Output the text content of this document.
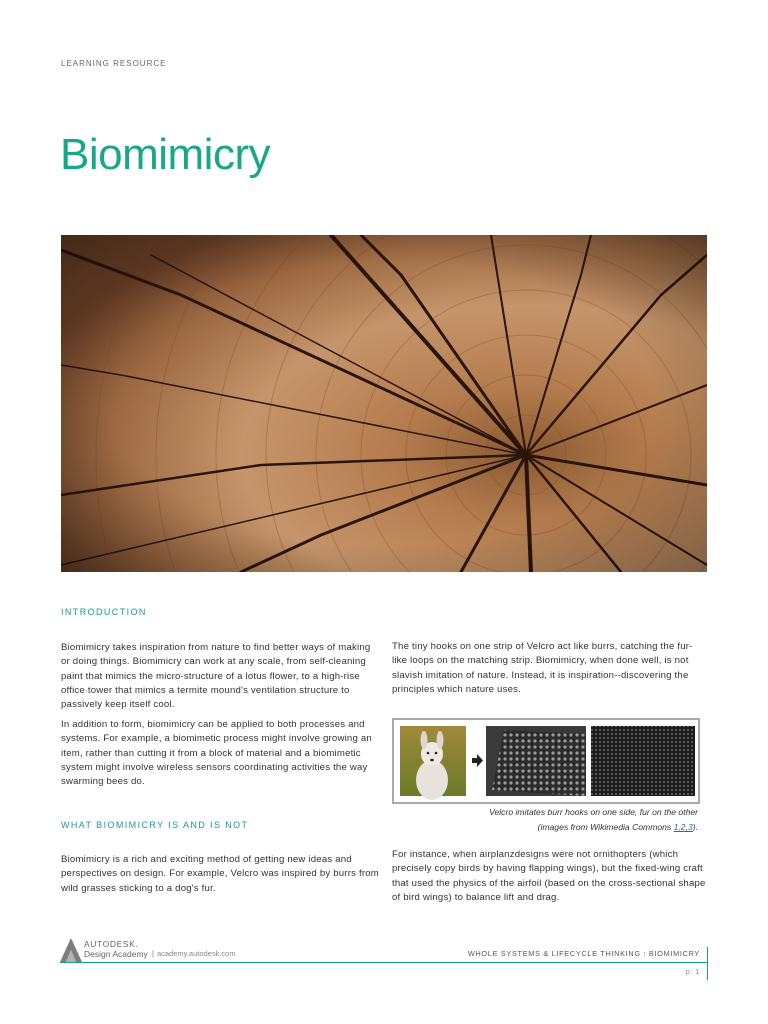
LEARNING RESOURCE
Biomimicry
INTRODUCTION
Biomimicry takes inspiration from nature to find better ways of making or doing things. Biomimicry can work at any scale, from self-cleaning paint that mimics the micro-structure of a lotus flower, to a high-rise office tower that mimics a termite mound's ventilation structure to passively keep itself cool.
In addition to form, biomimicry can be applied to both processes and systems. For example, a biomimetic process might involve growing an item, rather than cutting it from a block of material and a biomimetic system might involve wireless sensors coordinating activities the way swarming bees do.
WHAT BIOMIMICRY IS AND IS NOT
Biomimicry is a rich and exciting method of getting new ideas and perspectives on design. For example, Velcro was inspired by burrs from wild grasses sticking to a dog's fur.
The tiny hooks on one strip of Velcro act like burrs, catching the fur-like loops on the matching strip. Biomimicry, when done well, is not slavish imitation of nature. Instead, it is inspiration--discovering the principles which nature uses.
Velcro imitates burr hooks on one side, fur on the other
(images from Wikimedia Commons 1,2,3).
For instance, when airplanzdesigns were not ornithopters (which precisely copy birds by having flapping wings), but the fixed-wing craft that used the physics of the airfoil (based on the cross-sectional shape of bird wings) to balance lift and drag.
AUTODESK.
Design Academy | academy.autodesk.com	WHOLE SYSTEMS & LIFECYCLE THINKING : BIOMIMICRY
p. 1
